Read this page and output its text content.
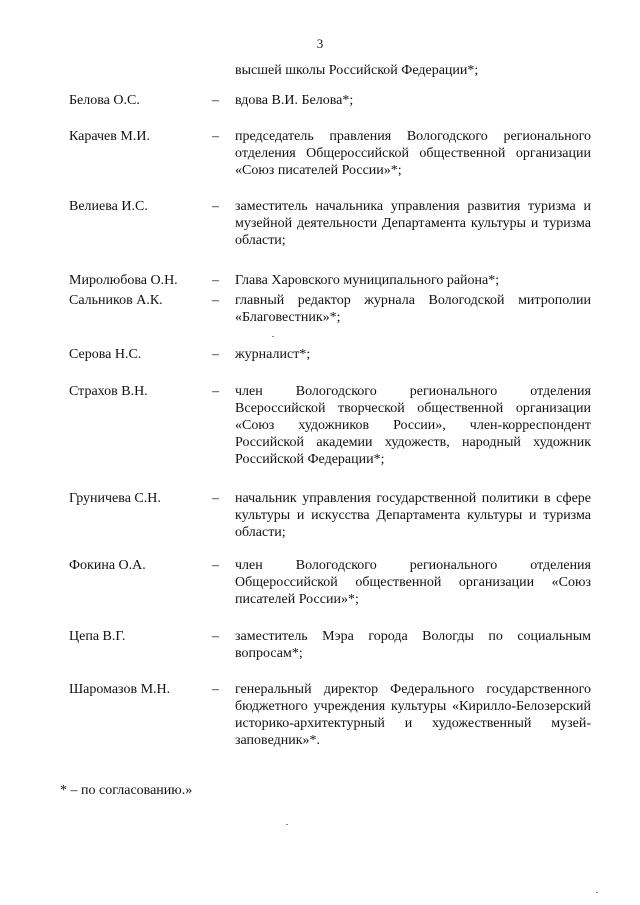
3
высшей школы Российской Федерации*;
Белова О.С.	– вдова В.И. Белова*;
Карачев М.И.	– председатель правления Вологодского регионального отделения Общероссийской общественной организации «Союз писателей России»*;
Велиева И.С.	– заместитель начальника управления развития туризма и музейной деятельности Департамента культуры и туризма области;
Миролюбова О.Н. – Глава Харовского муниципального района*;
Сальников А.К.	– главный редактор журнала Вологодской митрополии «Благовестник»*;
Серова Н.С.	– журналист*;
Страхов В.Н.	– член Вологодского регионального отделения Всероссийской творческой общественной организации «Союз художников России», член-корреспондент Российской академии художеств, народный художник Российской Федерации*;
Груничева С.Н.	– начальник управления государственной политики в сфере культуры и искусства Департамента культуры и туризма области;
Фокина О.А.	– член Вологодского регионального отделения Общероссийской общественной организации «Союз писателей России»*;
Цепа В.Г.	– заместитель Мэра города Вологды по социальным вопросам*;
Шаромазов М.Н.	– генеральный директор Федерального государственного бюджетного учреждения культуры «Кирилло-Белозерский историко-архитектурный и художественный музей-заповедник»*.
* – по согласованию.»
